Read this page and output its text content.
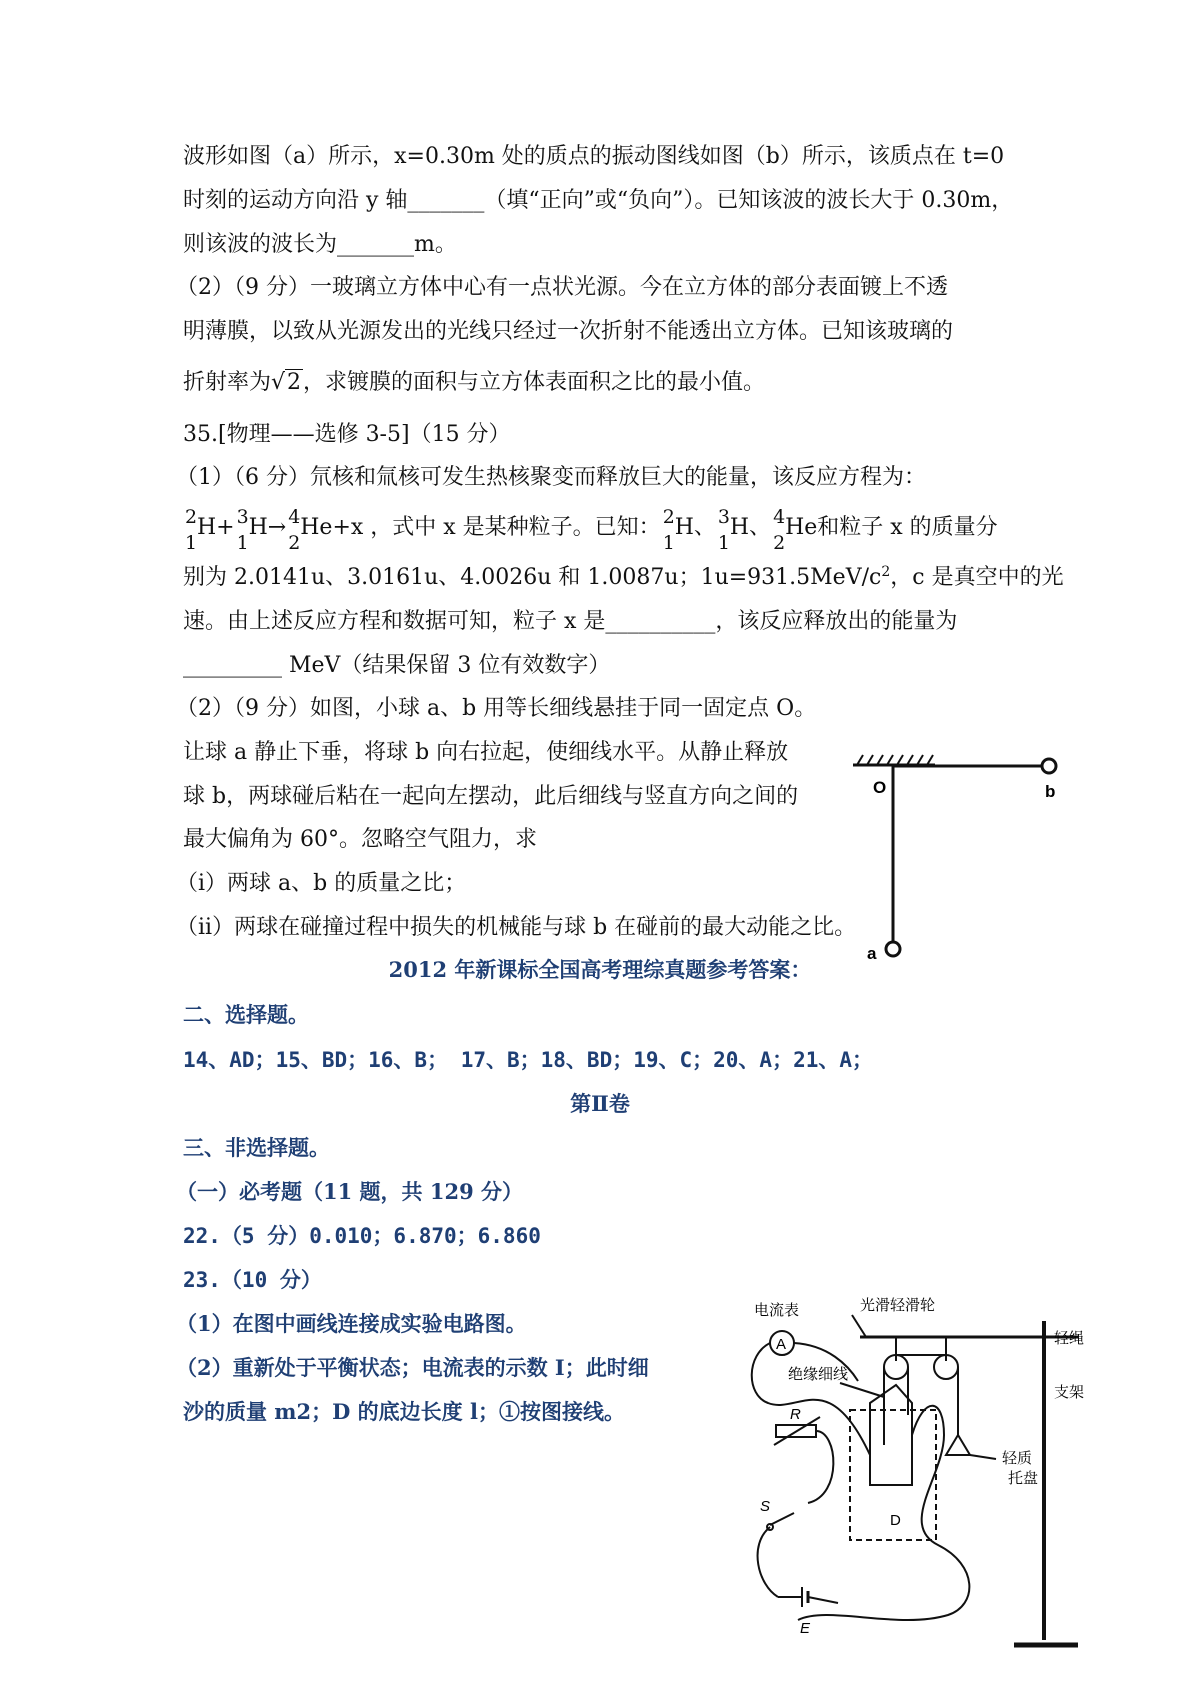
波形如图（a）所示，x=0.30m 处的质点的振动图线如图（b）所示，该质点在 t=0
时刻的运动方向沿 y 轴_______（填“正向”或“负向”）。已知该波的波长大于 0.30m，
则该波的波长为_______m。
（2）（9 分）一玻璃立方体中心有一点状光源。今在立方体的部分表面镀上不透
明薄膜，以致从光源发出的光线只经过一次折射不能透出立方体。已知该玻璃的
折射率为√2，求镀膜的面积与立方体表面积之比的最小值。
35.[物理——选修 3-5]（15 分）
（1）（6 分）氘核和氚核可发生热核聚变而释放巨大的能量，该反应方程为：
2
1
H+ 3
1
H→ 4
2
He+x ，式中 x 是某种粒子。已知： 2
1
H、 3
1
H、 4
2
He和粒子 x 的质量分
别为 2.0141u、3.0161u、4.0026u 和 1.0087u；$1u=931.5MeV/c^2$，c 是真空中的光
速。由上述反应方程和数据可知，粒子 x 是__________，该反应释放出的能量为
_________ MeV（结果保留 3 位有效数字）
（2）（9 分）如图，小球 a、b 用等长细线悬挂于同一固定点 O。
让球 a 静止下垂，将球 b 向右拉起，使细线水平。从静止释放
球 b，两球碰后粘在一起向左摆动，此后细线与竖直方向之间的
最大偏角为 60°。忽略空气阻力，求
（i）两球 a、b 的质量之比；
（ii）两球在碰撞过程中损失的机械能与球 b 在碰前的最大动能之比。
O	b
a
2012 年新课标全国高考理综真题参考答案：
二、选择题。
14、AD；15、BD；16、B； 17、B；18、BD；19、C；20、A；21、A；
第Ⅱ卷
三、非选择题。
（一）必考题（11 题，共 129 分）
22.（5 分）0.010；6.870；6.860
23.（10 分）
（1）在图中画线连接成实验电路图。
（2）重新处于平衡状态；电流表的示数 I；此时细
沙的质量 m2；D 的底边长度 l；①按图接线。
光滑轻滑轮
电流表
A	轻绳
绝缘细线
支架
轻质
托盘
R
S
E
D
